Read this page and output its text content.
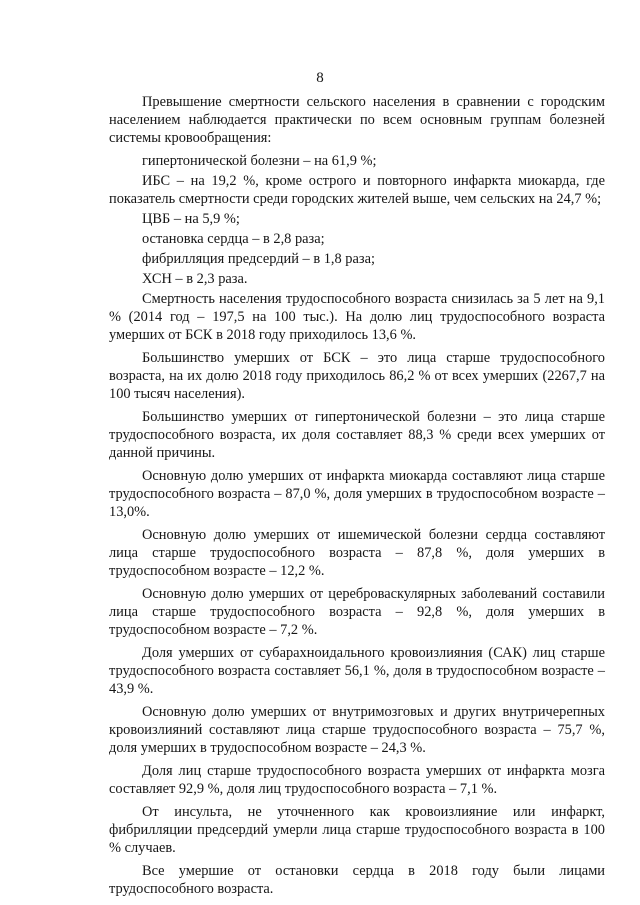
8

Превышение смертности сельского населения в сравнении с городским населением наблюдается практически по всем основным группам болезней системы кровообращения:

гипертонической болезни – на 61,9 %;
ИБС – на 19,2 %, кроме острого и повторного инфаркта миокарда, где показатель смертности среди городских жителей выше, чем сельских на 24,7 %;
ЦВБ – на 5,9 %;
остановка сердца – в 2,8 раза;
фибрилляция предсердий – в 1,8 раза;
ХСН – в 2,3 раза.

Смертность населения трудоспособного возраста снизилась за 5 лет на 9,1 % (2014 год – 197,5 на 100 тыс.). На долю лиц трудоспособного возраста умерших от БСК в 2018 году приходилось 13,6 %.

Большинство умерших от БСК – это лица старше трудоспособного возраста, на их долю 2018 году приходилось 86,2 % от всех умерших (2267,7 на 100 тысяч населения).

Большинство умерших от гипертонической болезни – это лица старше трудоспособного возраста, их доля составляет 88,3 % среди всех умерших от данной причины.

Основную долю умерших от инфаркта миокарда составляют лица старше трудоспособного возраста – 87,0 %, доля умерших в трудоспособном возрасте – 13,0%.

Основную долю умерших от ишемической болезни сердца составляют лица старше трудоспособного возраста – 87,8 %, доля умерших в трудоспособном возрасте – 12,2 %.

Основную долю умерших от цереброваскулярных заболеваний составили лица старше трудоспособного возраста – 92,8 %, доля умерших в трудоспособном возрасте – 7,2 %.

Доля умерших от субарахноидального кровоизлияния (САК) лиц старше трудоспособного возраста составляет 56,1 %, доля в трудоспособном возрасте – 43,9 %.

Основную долю умерших от внутримозговых и других внутричерепных кровоизлияний составляют лица старше трудоспособного возраста – 75,7 %, доля умерших в трудоспособном возрасте – 24,3 %.

Доля лиц старше трудоспособного возраста умерших от инфаркта мозга составляет 92,9 %, доля лиц трудоспособного возраста – 7,1 %.

От инсульта, не уточненного как кровоизлияние или инфаркт, фибрилляции предсердий умерли лица старше трудоспособного возраста в 100 % случаев.

Все умершие от остановки сердца в 2018 году были лицами трудоспособного возраста.
